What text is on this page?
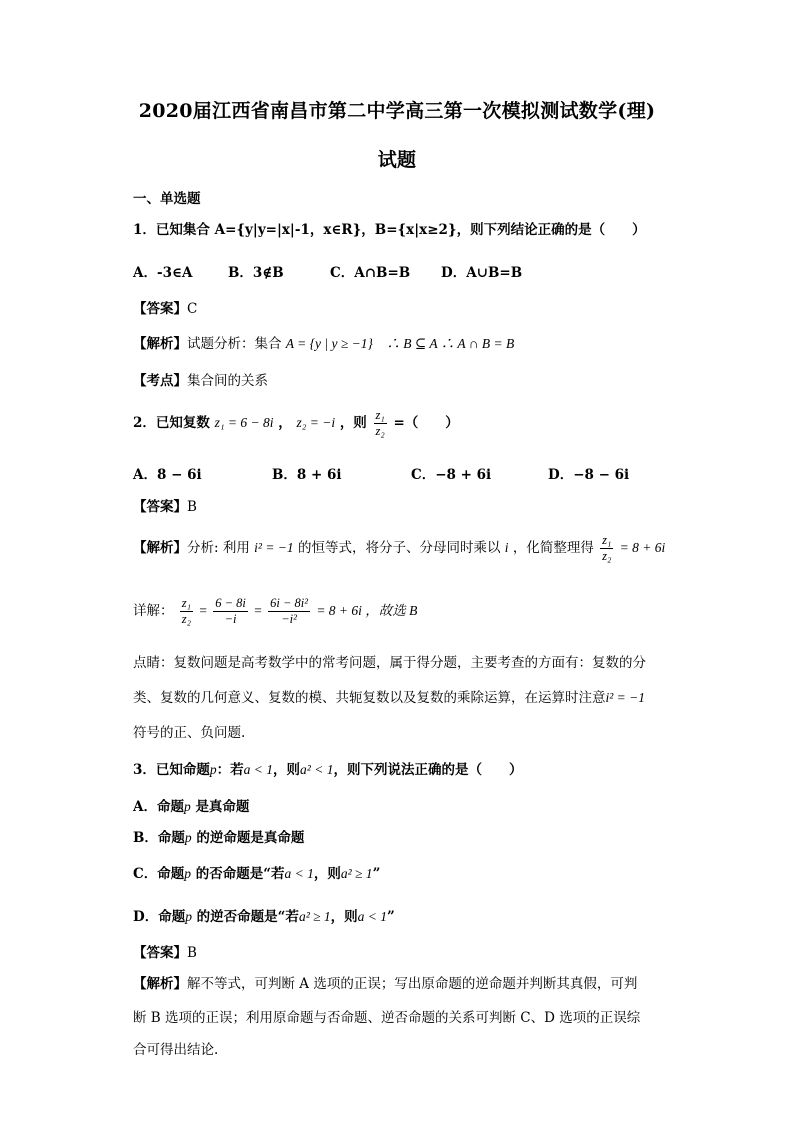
2020届江西省南昌市第二中学高三第一次模拟测试数学(理)
试题
一、单选题
1．已知集合 A={y|y=|x|-1，x∈R}，B={x|x≥2}，则下列结论正确的是（　　）
A．-3∈A	B．3∉B	C．A∩B=B D．A∪B=B
【答案】C
【解析】试题分析：集合 A = {y | y ≥ −1}　∴ B ⊆ A ∴ A ∩ B = B
【考点】集合间的关系
2．已知复数 z₁ = 6 − 8i ， z₂ = −i ，则 $\frac{\text{z₁}}{\text{z₂}}$ =（　　）
A．8 − 6i	B．8 + 6i	C．−8 + 6i	D．−8 − 6i
【答案】B
【解析】分析: 利用 i² = −1 的恒等式，将分子、分母同时乘以 i ，化简整理得 $\frac{\text{z₁}}{\text{z₂}} = 8 + 6i$
详解： $\frac{\text{z₁}}{\text{z₂}} = \frac{6 - 8i}{-i} = \frac{\text{6i − 8i²}}{\text{−i²}} = 8 + 6i$ ，故选 B
点睛：复数问题是高考数学中的常考问题，属于得分题，主要考查的方面有：复数的分
类、复数的几何意义、复数的模、共轭复数以及复数的乘除运算，在运算时注意i² = −1
符号的正、负问题.
3．已知命题p：若a < 1，则a² < 1，则下列说法正确的是（　　）
A．命题p 是真命题
B．命题p 的逆命题是真命题
C．命题p 的否命题是“若a < 1，则a² ≥ 1”
D．命题p 的逆否命题是“若a² ≥ 1，则a < 1”
【答案】B
【解析】解不等式，可判断 A 选项的正误；写出原命题的逆命题并判断其真假，可判
断 B 选项的正误；利用原命题与否命题、逆否命题的关系可判断 C、D 选项的正误综
合可得出结论.
